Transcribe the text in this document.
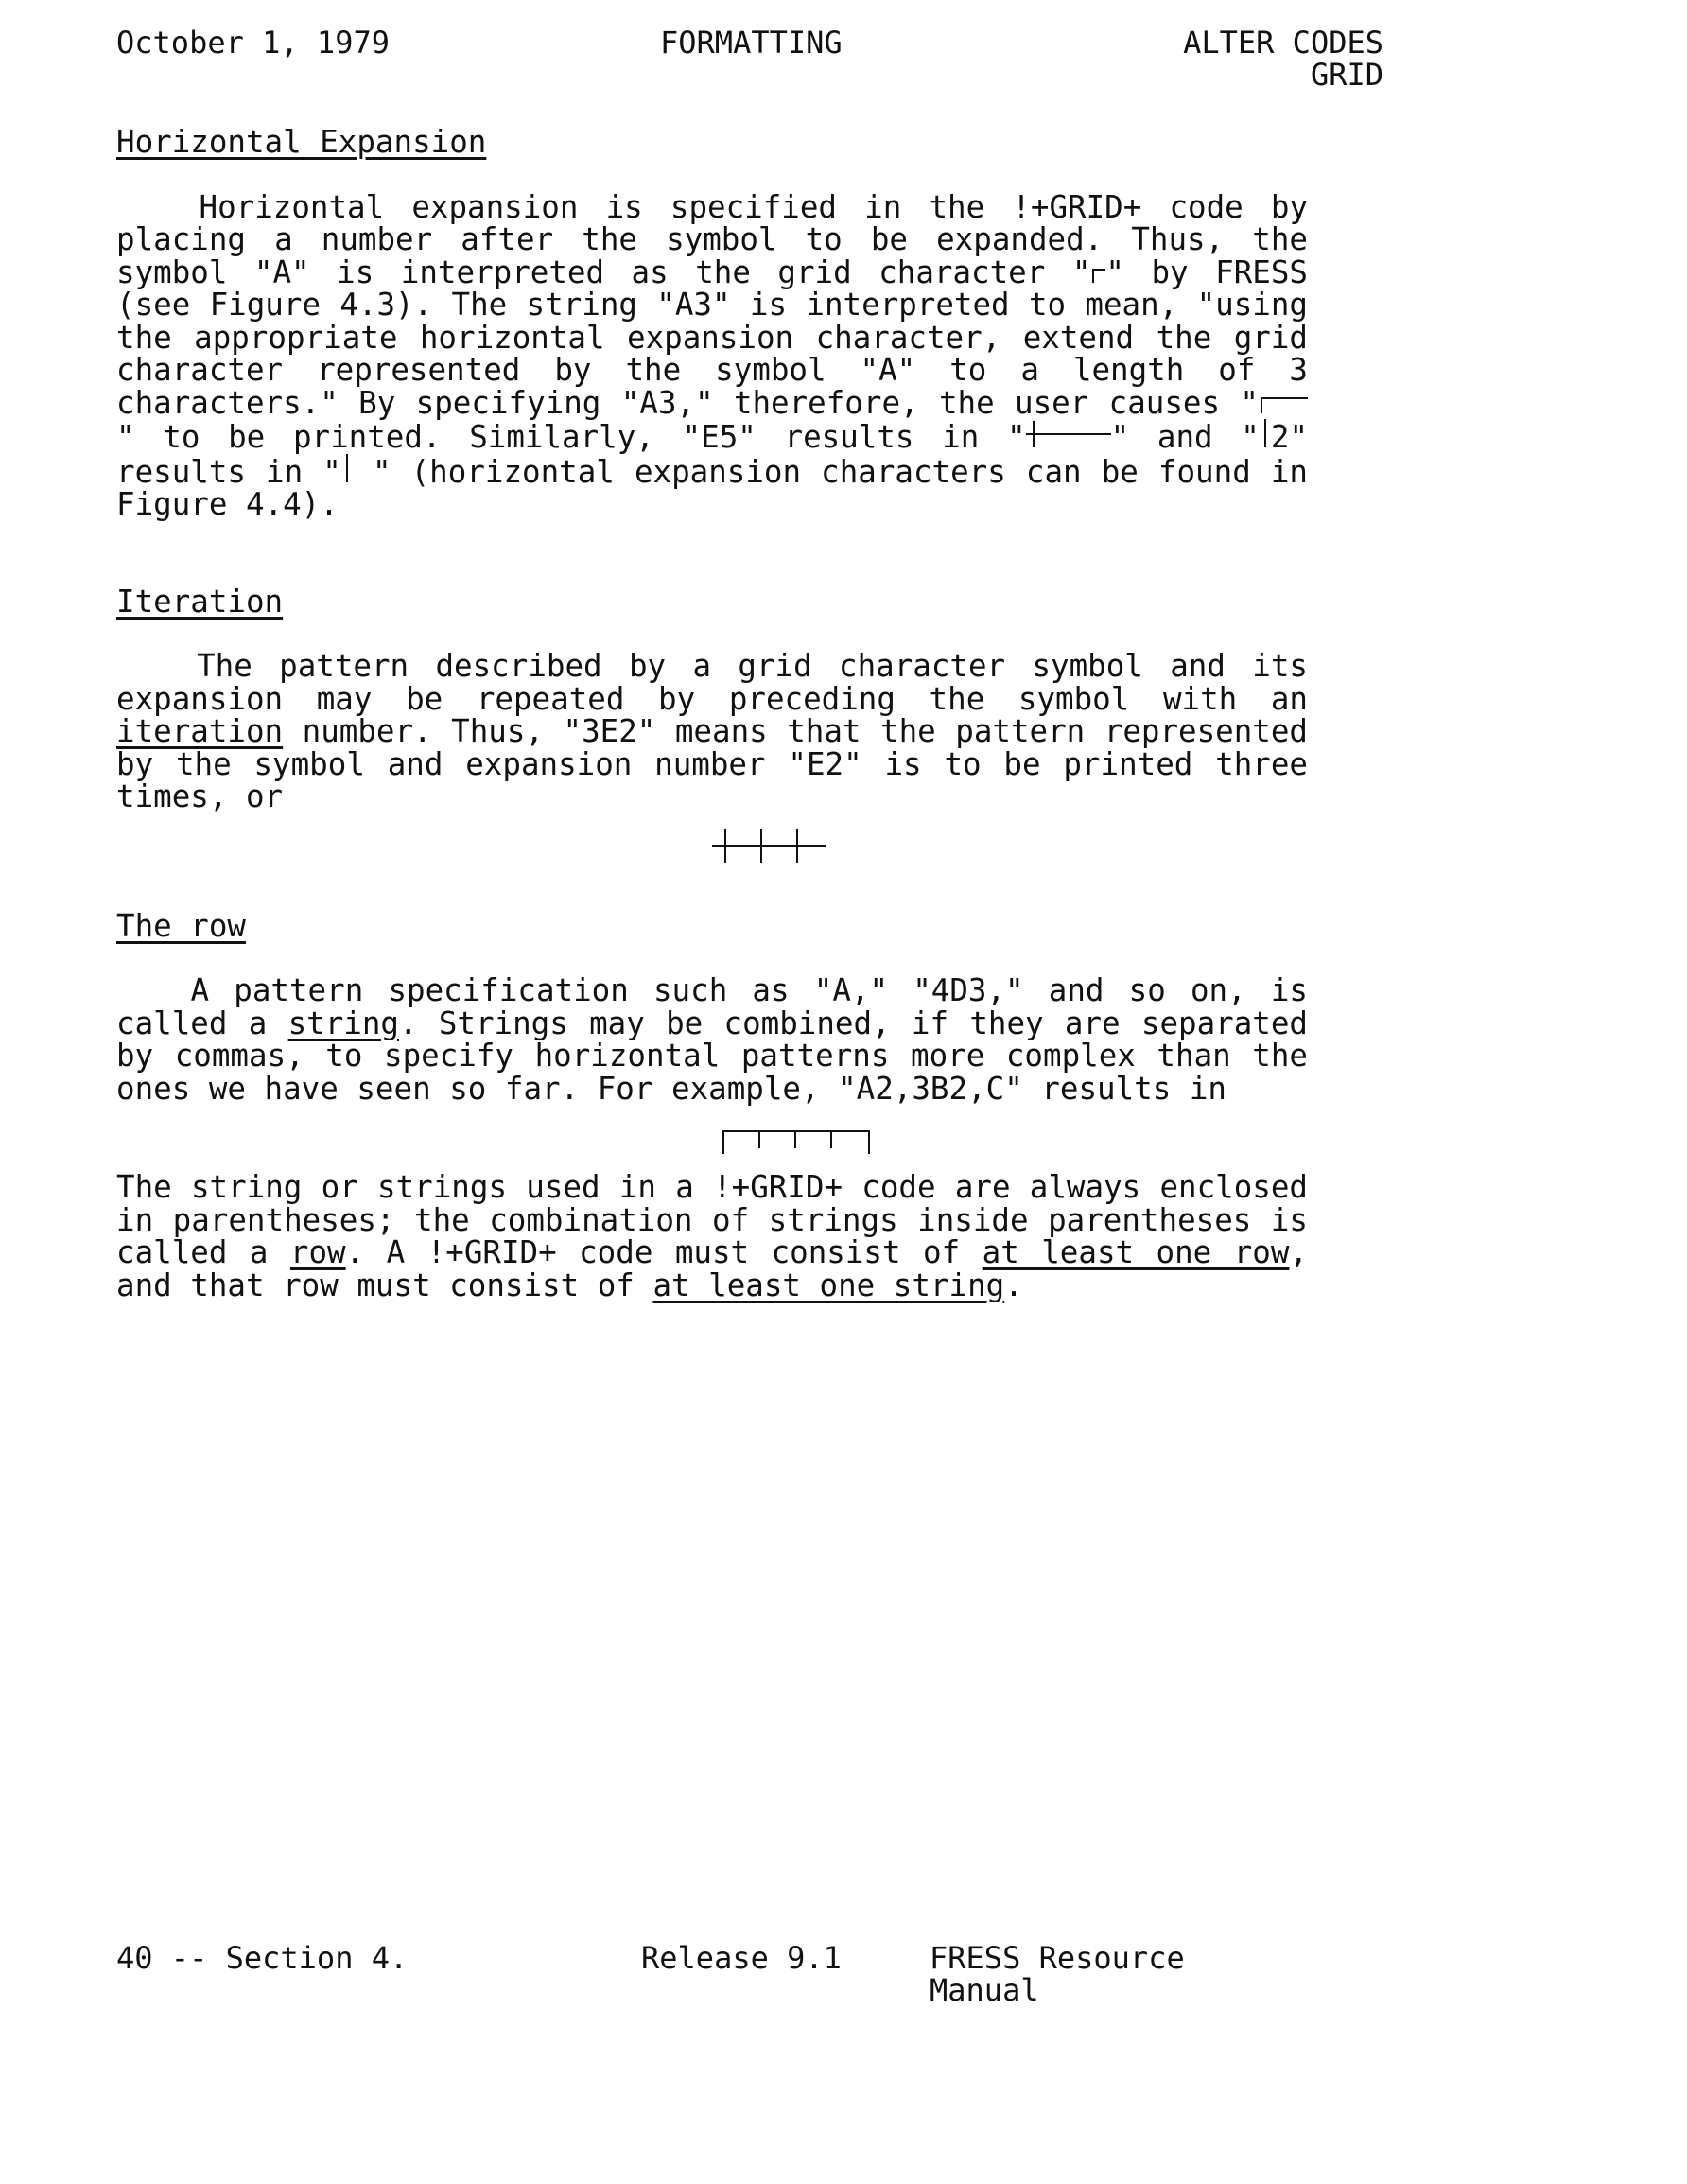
October 1, 1979	FORMATTING	ALTER CODES
GRID
Horizontal Expansion

Horizontal expansion is specified in the !+GRID+ code by placing a number after the symbol to be expanded. Thus, the symbol "A" is interpreted as the grid character " " by FRESS (see Figure 4.3). The string "A3" is interpreted to mean, "using the appropriate horizontal expansion character, extend the grid character represented by the symbol "A" to a length of 3 characters." By specifying "A3," therefore, the user causes "" to be printed. Similarly, "E5" results in "	" and " 2" results in " " (horizontal expansion characters can be found in Figure 4.4).

Iteration

The pattern described by a grid character symbol and its expansion may be repeated by preceding the symbol with an iteration number. Thus, "3E2" means that the pattern represented by the symbol and expansion number "E2" is to be printed three times, or

The row

A pattern specification such as "A," "4D3," and so on, is called a string. Strings may be combined, if they are separated by commas, to specify horizontal patterns more complex than the ones we have seen so far. For example, "A2,3B2,C" results in

The string or strings used in a !+GRID+ code are always enclosed in parentheses; the combination of strings inside parentheses is called a row. A !+GRID+ code must consist of at least one row, and that row must consist of at least one string.

40 -- Section 4.	Release 9.1	FRESS Resource Manual
